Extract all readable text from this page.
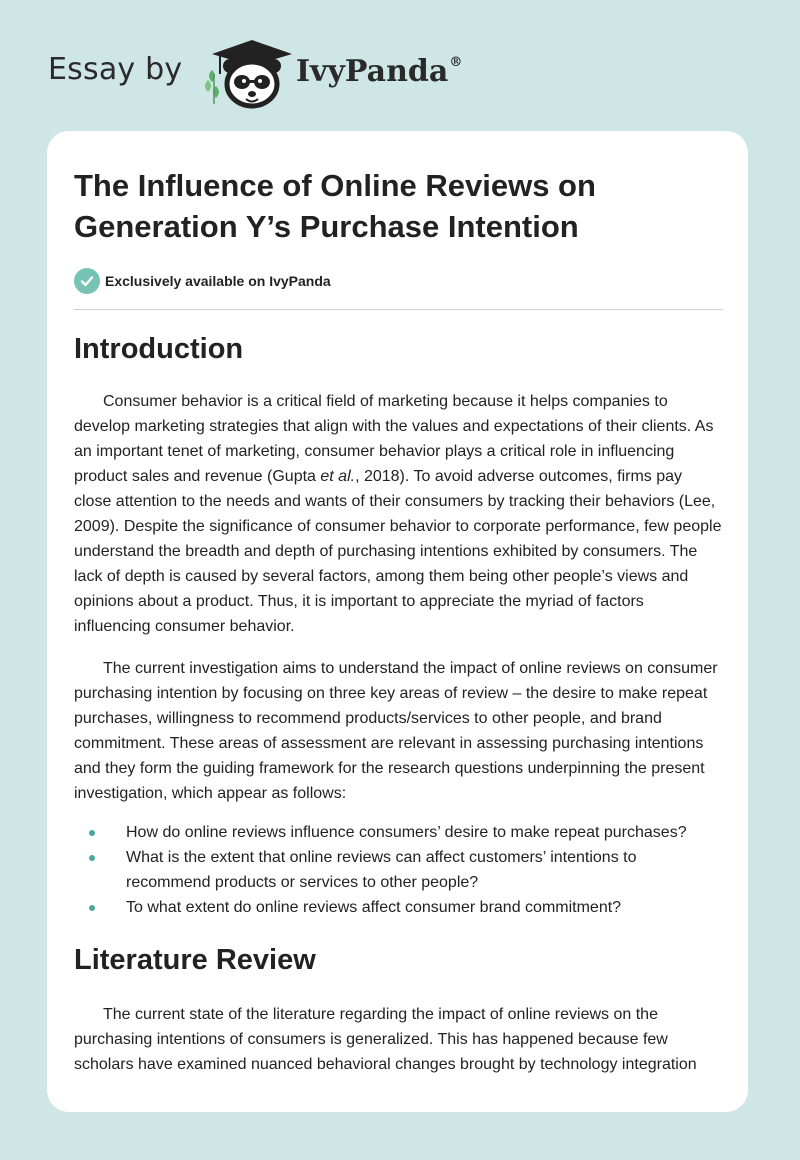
Essay by	IvyPanda®
The Influence of Online Reviews on Generation Y’s Purchase Intention
Exclusively available on IvyPanda
Introduction

Consumer behavior is a critical field of marketing because it helps companies to develop marketing strategies that align with the values and expectations of their clients. As an important tenet of marketing, consumer behavior plays a critical role in influencing product sales and revenue (Gupta et al., 2018). To avoid adverse outcomes, firms pay close attention to the needs and wants of their consumers by tracking their behaviors (Lee, 2009). Despite the significance of consumer behavior to corporate performance, few people understand the breadth and depth of purchasing intentions exhibited by consumers. The lack of depth is caused by several factors, among them being other people’s views and opinions about a product. Thus, it is important to appreciate the myriad of factors influencing consumer behavior.

The current investigation aims to understand the impact of online reviews on consumer purchasing intention by focusing on three key areas of review – the desire to make repeat purchases, willingness to recommend products/services to other people, and brand commitment. These areas of assessment are relevant in assessing purchasing intentions and they form the guiding framework for the research questions underpinning the present investigation, which appear as follows:

How do online reviews influence consumers’ desire to make repeat purchases?
What is the extent that online reviews can affect customers’ intentions to recommend products or services to other people?
To what extent do online reviews affect consumer brand commitment?
Literature Review

The current state of the literature regarding the impact of online reviews on the purchasing intentions of consumers is generalized. This has happened because few scholars have examined nuanced behavioral changes brought by technology integration
